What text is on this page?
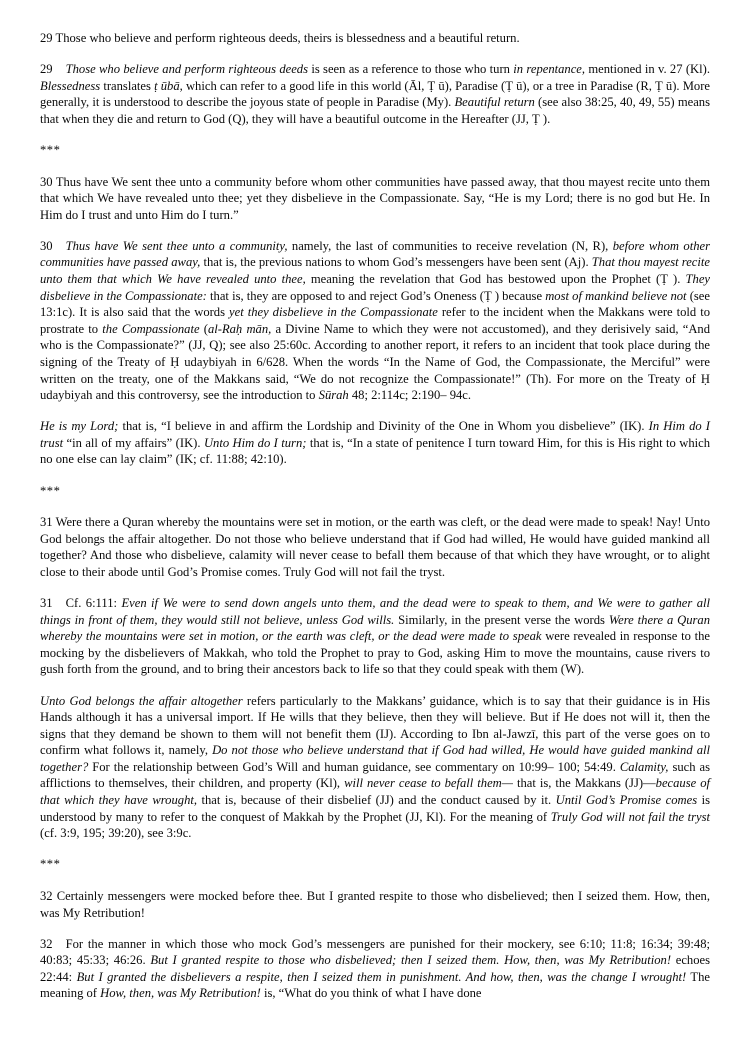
29 Those who believe and perform righteous deeds, theirs is blessedness and a beautiful return.

29 Those who believe and perform righteous deeds is seen as a reference to those who turn in repentance, mentioned in v. 27 (Kl). Blessedness translates ṭ ūbā, which can refer to a good life in this world (Āl, Ṭ ū), Paradise (Ṭ ū), or a tree in Paradise (R, Ṭ ū). More generally, it is understood to describe the joyous state of people in Paradise (My). Beautiful return (see also 38:25, 40, 49, 55) means that when they die and return to God (Q), they will have a beautiful outcome in the Hereafter (JJ, Ṭ ).

***

30 Thus have We sent thee unto a community before whom other communities have passed away, that thou mayest recite unto them that which We have revealed unto thee; yet they disbelieve in the Compassionate. Say, “He is my Lord; there is no god but He. In Him do I trust and unto Him do I turn.”

30 Thus have We sent thee unto a community, namely, the last of communities to receive revelation (N, R), before whom other communities have passed away, that is, the previous nations to whom God’s messengers have been sent (Aj). That thou mayest recite unto them that which We have revealed unto thee, meaning the revelation that God has bestowed upon the Prophet (Ṭ ). They disbelieve in the Compassionate: that is, they are opposed to and reject God’s Oneness (Ṭ ) because most of mankind believe not (see 13:1c). It is also said that the words yet they disbelieve in the Compassionate refer to the incident when the Makkans were told to prostrate to the Compassionate (al-Raḥ mān, a Divine Name to which they were not accustomed), and they derisively said, “And who is the Compassionate?” (JJ, Q); see also 25:60c. According to another report, it refers to an incident that took place during the signing of the Treaty of Ḥ udaybiyah in 6/628. When the words “In the Name of God, the Compassionate, the Merciful” were written on the treaty, one of the Makkans said, “We do not recognize the Compassionate!” (Th). For more on the Treaty of Ḥ udaybiyah and this controversy, see the introduction to Sūrah 48; 2:114c; 2:190– 94c.

He is my Lord; that is, “I believe in and affirm the Lordship and Divinity of the One in Whom you disbelieve” (IK). In Him do I trust “in all of my affairs” (IK). Unto Him do I turn; that is, “In a state of penitence I turn toward Him, for this is His right to which no one else can lay claim” (IK; cf. 11:88; 42:10).

***

31 Were there a Quran whereby the mountains were set in motion, or the earth was cleft, or the dead were made to speak! Nay! Unto God belongs the affair altogether. Do not those who believe understand that if God had willed, He would have guided mankind all together? And those who disbelieve, calamity will never cease to befall them because of that which they have wrought, or to alight close to their abode until God’s Promise comes. Truly God will not fail the tryst.

31 Cf. 6:111: Even if We were to send down angels unto them, and the dead were to speak to them, and We were to gather all things in front of them, they would still not believe, unless God wills. Similarly, in the present verse the words Were there a Quran whereby the mountains were set in motion, or the earth was cleft, or the dead were made to speak were revealed in response to the mocking by the disbelievers of Makkah, who told the Prophet to pray to God, asking Him to move the mountains, cause rivers to gush forth from the ground, and to bring their ancestors back to life so that they could speak with them (W).

Unto God belongs the affair altogether refers particularly to the Makkans’ guidance, which is to say that their guidance is in His Hands although it has a universal import. If He wills that they believe, then they will believe. But if He does not will it, then the signs that they demand be shown to them will not benefit them (IJ). According to Ibn al-Jawzī, this part of the verse goes on to confirm what follows it, namely, Do not those who believe understand that if God had willed, He would have guided mankind all together? For the relationship between God’s Will and human guidance, see commentary on 10:99– 100; 54:49. Calamity, such as afflictions to themselves, their children, and property (Kl), will never cease to befall them— that is, the Makkans (JJ)—because of that which they have wrought, that is, because of their disbelief (JJ) and the conduct caused by it. Until God’s Promise comes is understood by many to refer to the conquest of Makkah by the Prophet (JJ, Kl). For the meaning of Truly God will not fail the tryst (cf. 3:9, 195; 39:20), see 3:9c.

***

32 Certainly messengers were mocked before thee. But I granted respite to those who disbelieved; then I seized them. How, then, was My Retribution!

32 For the manner in which those who mock God’s messengers are punished for their mockery, see 6:10; 11:8; 16:34; 39:48; 40:83; 45:33; 46:26. But I granted respite to those who disbelieved; then I seized them. How, then, was My Retribution! echoes 22:44: But I granted the disbelievers a respite, then I seized them in punishment. And how, then, was the change I wrought! The meaning of How, then, was My Retribution! is, “What do you think of what I have done
